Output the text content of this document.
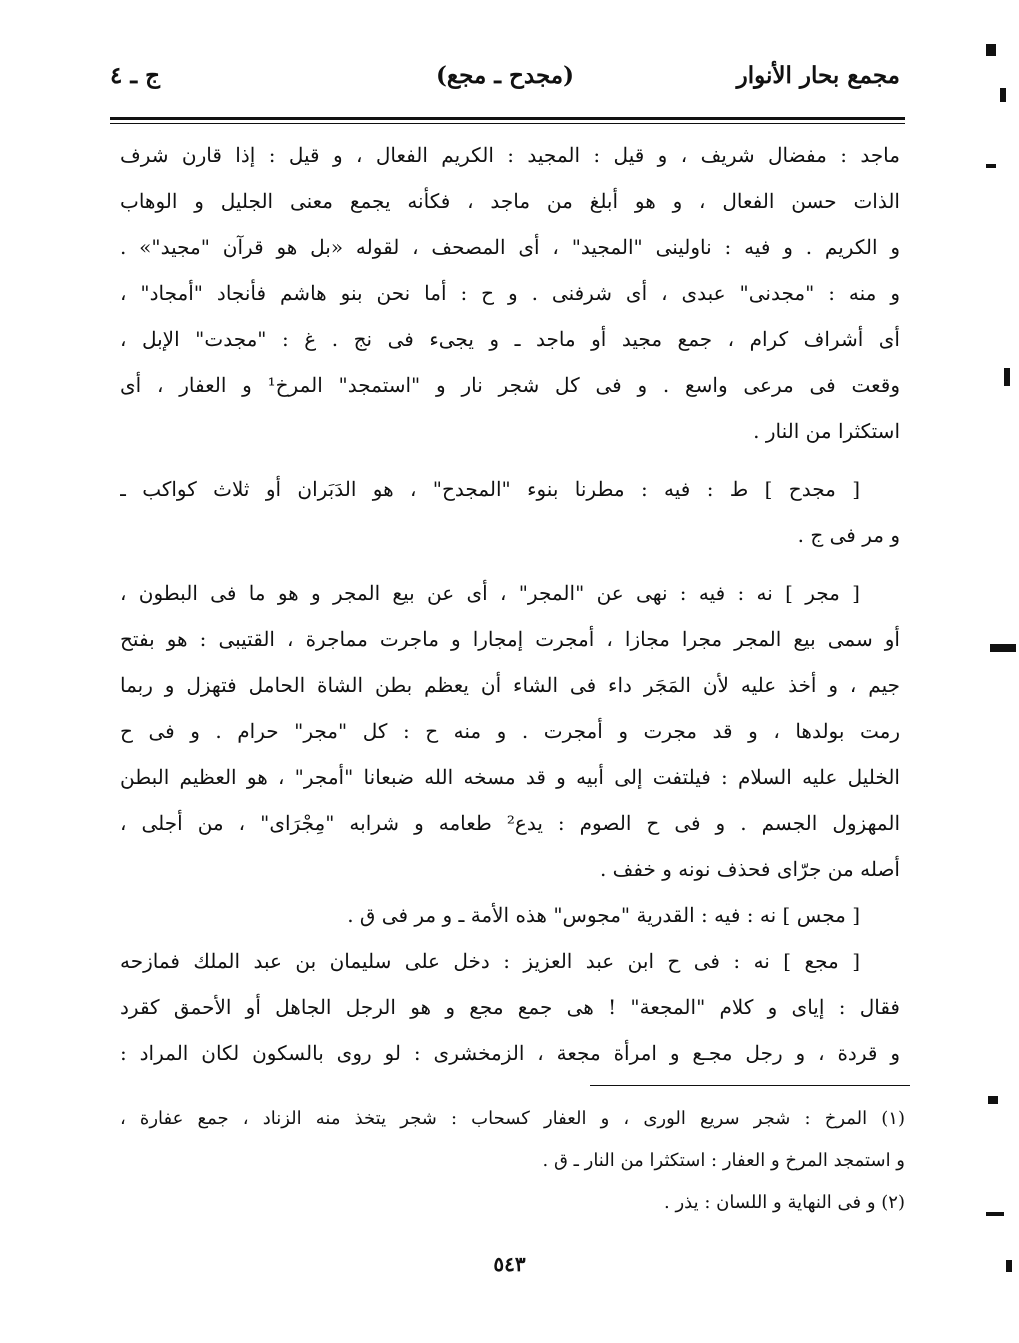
مجمع بحار الأنوار
(مجدح ـ مجع)
ج ـ ٤
ماجد : مفضال شريف ، و قيل : المجيد : الكريم الفعال ، و قيل : إذا قارن شرف
الذات حسن الفعال ، و هو أبلغ من ماجد ، فكأنه يجمع معنى الجليل و الوهاب
و الكريم . و فيه : ناولينى "المجيد" ، أى المصحف ، لقوله «بل هو قرآن "مجيد"» .
و منه : "مجدنى" عبدى ، أى شرفنى . و ح : أما نحن بنو هاشم فأنجاد "أمجاد" ،
أى أشراف كرام ، جمع مجيد أو ماجد ـ و يجىء فى نج . غ : "مجدت" الإبل ،
وقعت فى مرعى واسع . و فى كل شجر نار و "استمجد" المرخ¹ و العفار ، أى
استكثرا من النار .
[ مجدح ] ط : فيه : مطرنا بنوء "المجدح" ، هو الدَبَران أو ثلاث كواكب ـ
و مر فى ج .
[ مجر ] نه : فيه : نهى عن "المجر" ، أى عن بيع المجر و هو ما فى البطون ،
أو سمى بيع المجر مجرا مجازا ، أمجرت إمجارا و ماجرت مماجرة ، القتيبى : هو بفتح
جيم ، و أخذ عليه لأن المَجَر داء فى الشاء أن يعظم بطن الشاة الحامل فتهزل و ربما
رمت بولدها ، و قد مجرت و أمجرت . و منه ح : كل "مجر" حرام . و فى ح
الخليل عليه السلام : فيلتفت إلى أبيه و قد مسخه الله ضبعانا "أمجر" ، هو العظيم البطن
المهزول الجسم . و فى ح الصوم : يدع² طعامه و شرابه "مِجْرَاى" ، من أجلى ،
أصله من جرّاى فحذف نونه و خفف .
[ مجس ] نه : فيه : القدرية "مجوس" هذه الأمة ـ و مر فى ق .
[ مجع ] نه : فى ح ابن عبد العزيز : دخل على سليمان بن عبد الملك فمازحه
فقال : إياى و كلام "المجعة" ! هى جمع مجع و هو الرجل الجاهل أو الأحمق كقرد
و قردة ، و رجل مجـع و امرأة مجعة ، الزمخشرى : لو روى بالسكون لكان المراد :
(١) المرخ : شجر سريع الورى ، و العفار كسحاب : شجر يتخذ منه الزناد ، جمع عفارة ،
و استمجد المرخ و العفار : استكثرا من النار ـ ق .
(٢) و فى النهاية و اللسان : يذر .
٥٤٣
